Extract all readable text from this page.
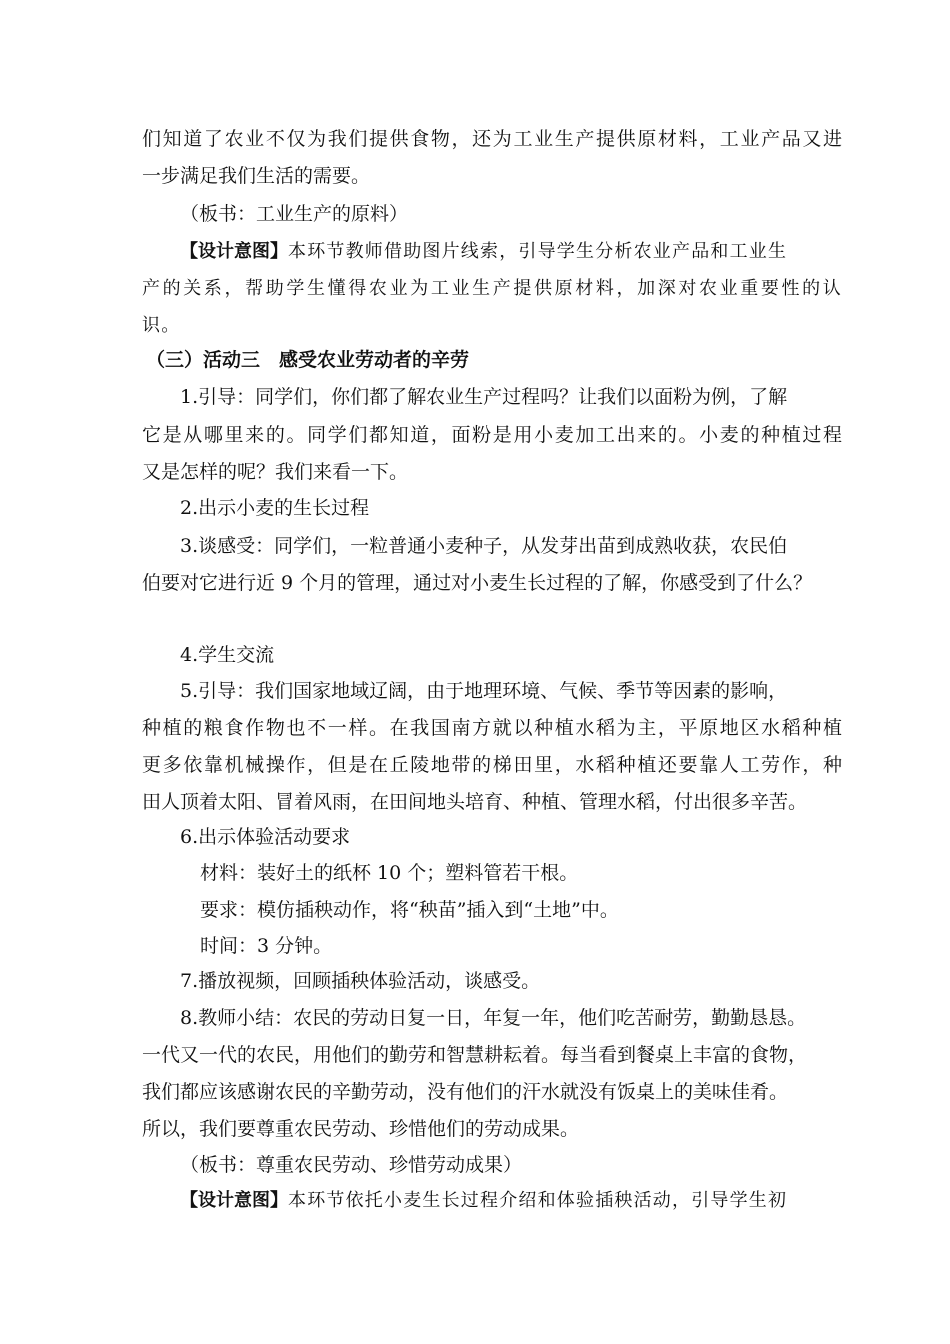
们知道了农业不仅为我们提供食物，还为工业生产提供原材料，工业产品又进
一步满足我们生活的需要。
（板书：工业生产的原料）
【设计意图】本环节教师借助图片线索，引导学生分析农业产品和工业生
产的关系，帮助学生懂得农业为工业生产提供原材料，加深对农业重要性的认
识。
（三）活动三　感受农业劳动者的辛劳
1.引导：同学们，你们都了解农业生产过程吗？让我们以面粉为例，了解
它是从哪里来的。同学们都知道，面粉是用小麦加工出来的。小麦的种植过程
又是怎样的呢？我们来看一下。
2.出示小麦的生长过程
3.谈感受：同学们，一粒普通小麦种子，从发芽出苗到成熟收获，农民伯
伯要对它进行近 9 个月的管理，通过对小麦生长过程的了解，你感受到了什么？
4.学生交流
5.引导：我们国家地域辽阔，由于地理环境、气候、季节等因素的影响，
种植的粮食作物也不一样。在我国南方就以种植水稻为主，平原地区水稻种植
更多依靠机械操作，但是在丘陵地带的梯田里，水稻种植还要靠人工劳作，种
田人顶着太阳、冒着风雨，在田间地头培育、种植、管理水稻，付出很多辛苦。
6.出示体验活动要求
材料：装好土的纸杯 10 个；塑料管若干根。
要求：模仿插秧动作，将“秧苗”插入到“土地”中。
时间：3 分钟。
7.播放视频，回顾插秧体验活动，谈感受。
8.教师小结：农民的劳动日复一日，年复一年，他们吃苦耐劳，勤勤恳恳。
一代又一代的农民，用他们的勤劳和智慧耕耘着。每当看到餐桌上丰富的食物，
我们都应该感谢农民的辛勤劳动，没有他们的汗水就没有饭桌上的美味佳肴。
所以，我们要尊重农民劳动、珍惜他们的劳动成果。
（板书：尊重农民劳动、珍惜劳动成果）
【设计意图】本环节依托小麦生长过程介绍和体验插秧活动，引导学生初
